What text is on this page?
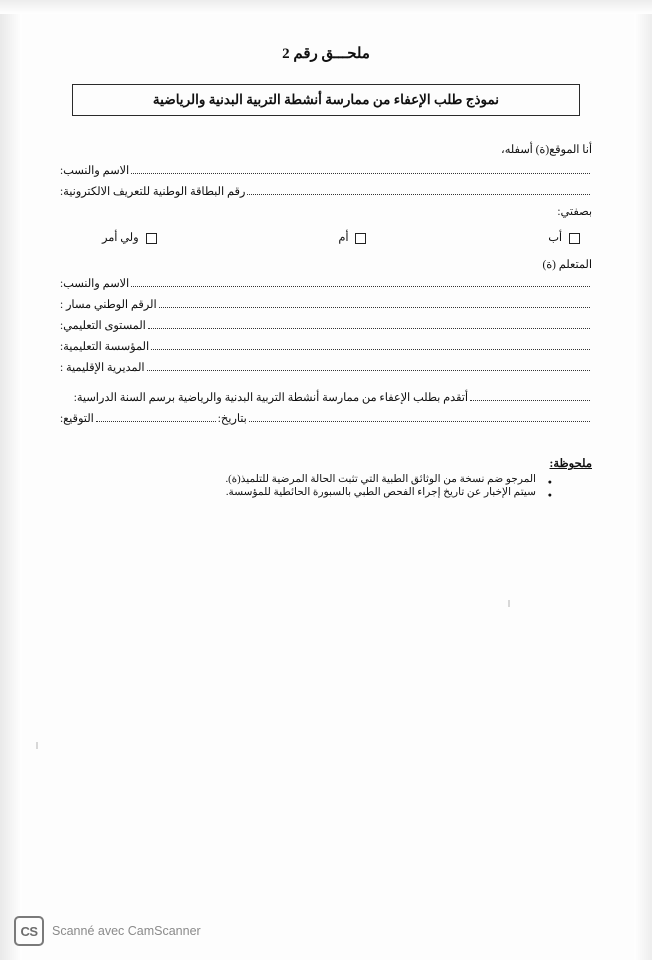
ملحـــق رقم 2
نموذج طلب الإعفاء من ممارسة أنشطة التربية البدنية والرياضية
أنا الموقع(ة) أسفله،
الاسم والنسب:
رقم البطاقة الوطنية للتعريف الالكترونية:
بصفتي:
أب
أم
ولي أمر
المتعلم (ة)
الاسم والنسب:
الرقم الوطني مسار :
المستوى التعليمي:
المؤسسة التعليمية:
المديرية الإقليمية :
أتقدم بطلب الإعفاء من ممارسة أنشطة التربية البدنية والرياضية برسم السنة الدراسية:
بتاريخ:
التوقيع:
ملحوظة:
● المرجو ضم نسخة من الوثائق الطبية التي تثبت الحالة المرضية للتلميذ(ة).
● سيتم الإخبار عن تاريخ إجراء الفحص الطبي بالسبورة الحائطية للمؤسسة.
CS	Scanné avec CamScanner
